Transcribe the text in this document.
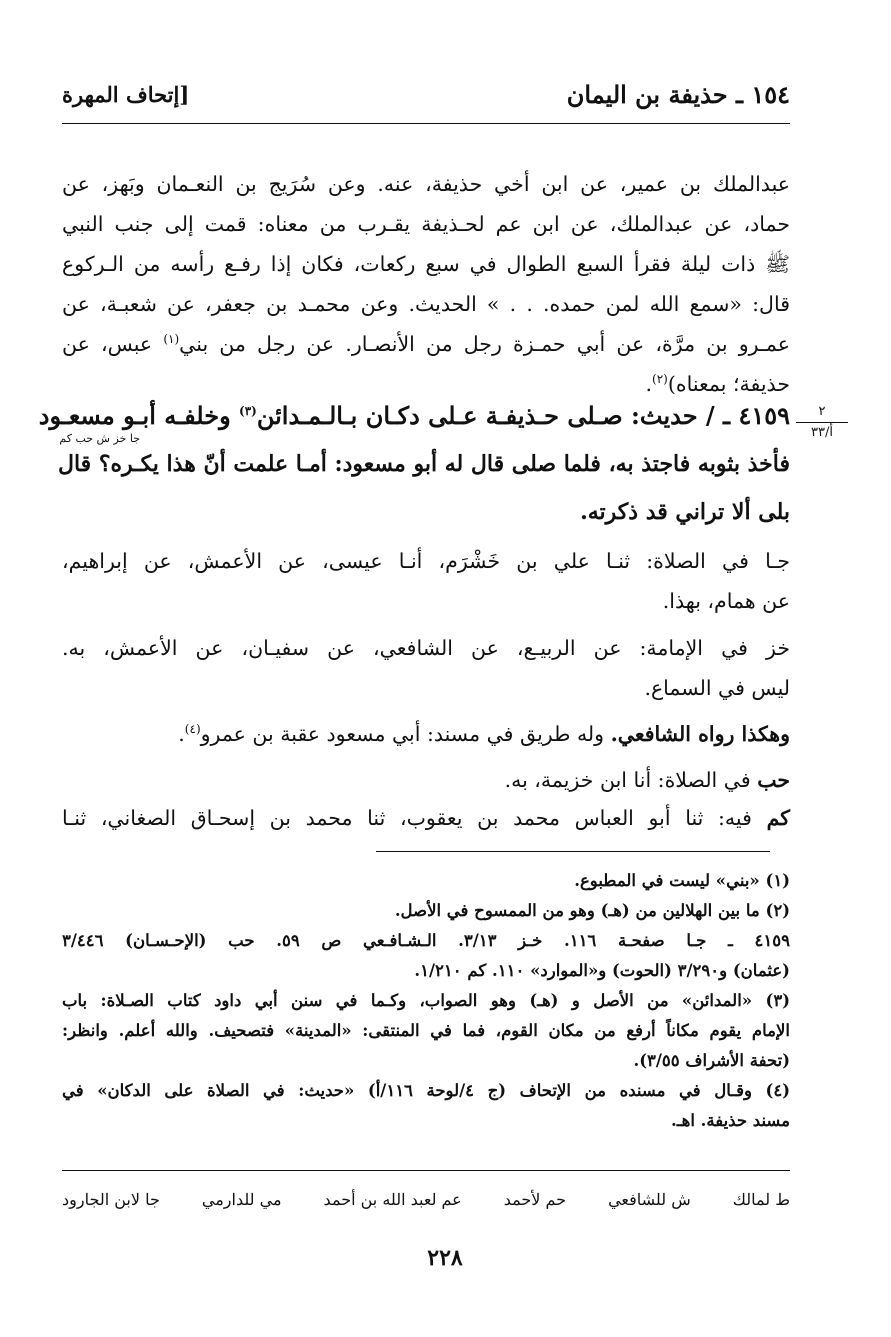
١٥٤ ـ حذيفة بن اليمان
[إتحاف المهرة
عبدالملك بن عمير، عن ابن أخي حذيفة، عنه. وعن سُرَيج بن النعـمان وبَهز، عن
حماد، عن عبدالملك، عن ابن عم لحـذيفة يقـرب من معناه: قمت إلى جنب النبي
ﷺ ذات ليلة فقرأ السبع الطوال في سبع ركعات، فكان إذا رفـع رأسه من الـركوع
قال: «سمع الله لمن حمده. . . » الحديث. وعن محمـد بن جعفر، عن شعبـة، عن
عمـرو بن مرَّة، عن أبي حمـزة رجل من الأنصـار. عن رجل من بني$^{(١)}$ عبس، عن
حذيفة؛ بمعناه)$^{(٢)}$.
٤١٥٩ ـ / حديث: صـلى حـذيفـة عـلى دكـان بـالـمـدائن$^{(٣)}$ وخلفـه أبـو مسعـود
جا خز ش حب كم
فأخذ بثوبه فاجتذ به، فلما صلى قال له أبو مسعود: أمـا علمت أنّ هذا يكـره؟ قال
بلى ألا تراني قد ذكرته.
٢
أ/٣٣
جـا في الصلاة: ثنـا علي بن خَشْرَم، أنـا عيسى، عن الأعمش، عن إبراهيم،
عن همام، بهذا.
خز في الإمامة: عن الربيـع، عن الشافعي، عن سفيـان، عن الأعمش، به.
ليس في السماع.
وهكذا رواه الشافعي. وله طريق في مسند: أبي مسعود عقبة بن عمرو$^{(٤)}$.
حب في الصلاة: أنا ابن خزيمة، به.
كم فيه: ثنا أبو العباس محمد بن يعقوب، ثنا محمد بن إسحـاق الصغاني، ثنـا
(١) «بني» ليست في المطبوع.
(٢) ما بين الهلالين من (هـ) وهو من الممسوح في الأصل.
٤١٥٩ ـ جـا صفحـة ١١٦. خـز ٣/١٣. الـشـافـعي ص ٥٩. حب (الإحـسـان) ٣/٤٤٦
(عثمان) و٣/٢٩٠ (الحوت) و«الموارد» ١١٠. كم ١/٢١٠.
(٣) «المدائن» من الأصل و (هـ) وهو الصواب، وكـما في سنن أبي داود كتاب الصـلاة: باب
الإمام يقوم مكاناً أرفع من مكان القوم، فما في المنتقى: «المدينة» فتصحيف. والله أعلم. وانظر:
(تحفة الأشراف ٣/٥٥).
(٤) وقـال في مسنده من الإتحاف (ج ٤/لوحة ١١٦/أ) «حديث: في الصلاة على الدكان» في
مسند حذيفة. اهـ.
ط لمالك
ش للشافعي
حم لأحمد
عم لعبد الله بن أحمد
مي للدارمي
جا لابن الجارود
٢٢٨
